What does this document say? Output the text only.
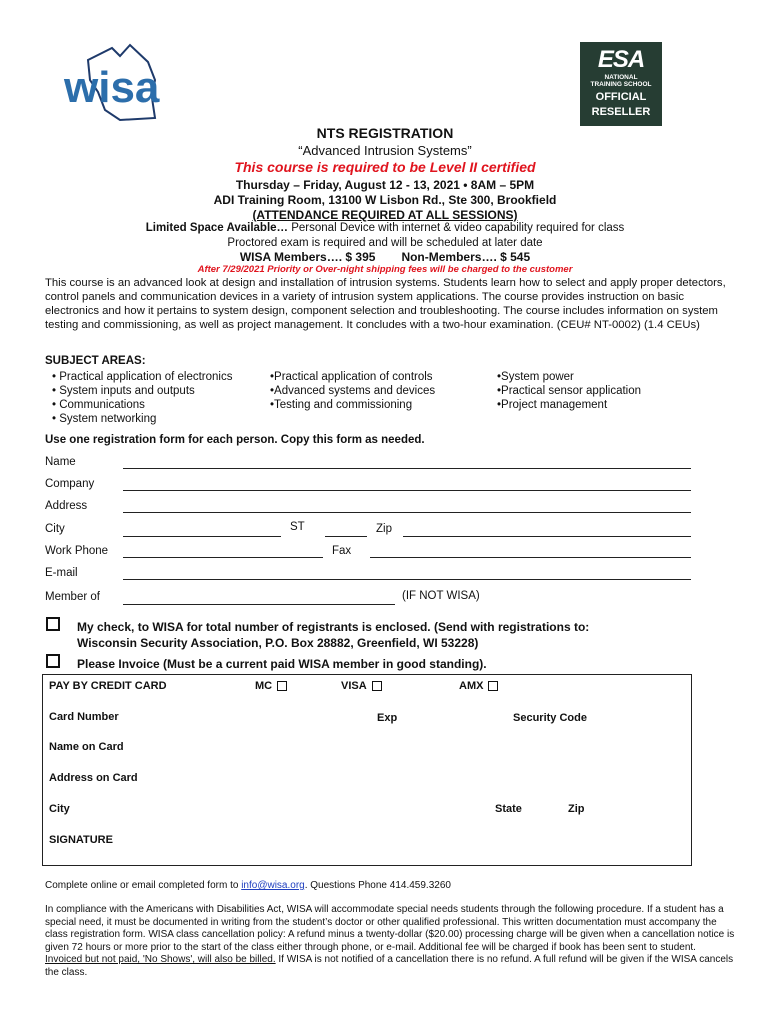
wisa
ESA
NATIONAL
TRAINING SCHOOL
OFFICIAL
RESELLER
NTS REGISTRATION
“Advanced Intrusion Systems”
This course is required to be Level II certified
Thursday – Friday, August 12 - 13, 2021 • 8AM – 5PM
ADI Training Room, 13100 W Lisbon Rd., Ste 300, Brookfield
(ATTENDANCE REQUIRED AT ALL SESSIONS)
Limited Space Available… Personal Device with internet & video capability required for class
Proctored exam is required and will be scheduled at later date
WISA Members…. $ 395 Non-Members…. $ 545
After 7/29/2021 Priority or Over-night shipping fees will be charged to the customer
This course is an advanced look at design and installation of intrusion systems. Students learn how to select and apply proper detectors, control panels and communication devices in a variety of intrusion system applications. The course provides instruction on basic electronics and how it pertains to system design, component selection and troubleshooting. The course includes information on system testing and commissioning, as well as project management. It concludes with a two-hour examination. (CEU# NT-0002) (1.4 CEUs)
SUBJECT AREAS:
• Practical application of electronics
• System inputs and outputs
• Communications
• System networking
•Practical application of controls
•Advanced systems and devices
•Testing and commissioning
•System power
•Practical sensor application
•Project management
Use one registration form for each person. Copy this form as needed.
Name
Company
Address
City	ST	Zip
Work Phone	Fax
E-mail
Member of	(IF NOT WISA)
My check, to WISA for total number of registrants is enclosed. (Send with registrations to:
Wisconsin Security Association, P.O. Box 28882, Greenfield, WI 53228)
Please Invoice (Must be a current paid WISA member in good standing).
PAY BY CREDIT CARD	MC	VISA	AMX
Card Number	Exp	Security Code
Name on Card
Address on Card
City	State	Zip
SIGNATURE
Complete online or email completed form to info@wisa.org. Questions Phone 414.459.3260
In compliance with the Americans with Disabilities Act, WISA will accommodate special needs students through the following procedure. If a student has a special need, it must be documented in writing from the student’s doctor or other qualified professional. This written documentation must accompany the class registration form. WISA class cancellation policy: A refund minus a twenty-dollar ($20.00) processing charge will be given when a cancellation notice is given 72 hours or more prior to the start of the class either through phone, or e-mail. Additional fee will be charged if book has been sent to student. Invoiced but not paid, 'No Shows', will also be billed. If WISA is not notified of a cancellation there is no refund. A full refund will be given if the WISA cancels the class.
